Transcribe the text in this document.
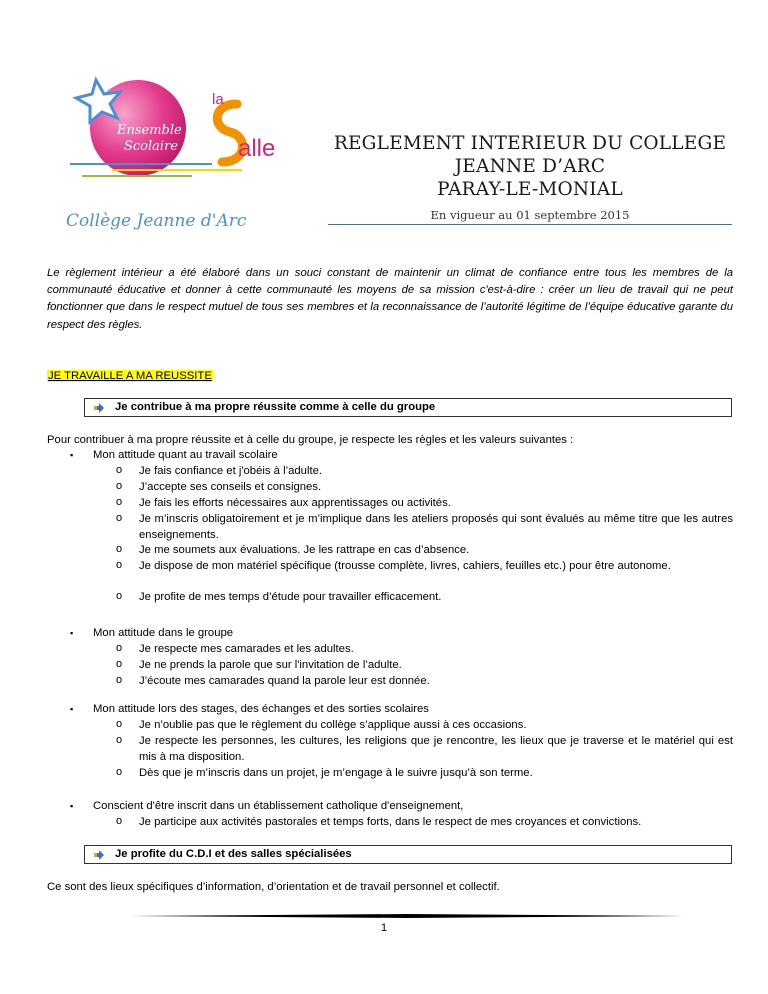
Ensemble
Scolaire
la
alle
Collège Jeanne d'Arc
REGLEMENT INTERIEUR DU COLLEGE
JEANNE D’ARC
PARAY-LE-MONIAL
En vigueur au 01 septembre 2015
Le règlement intérieur a été élaboré dans un souci constant de maintenir un climat de confiance entre tous les membres de la communauté éducative et donner à cette communauté les moyens de sa mission c'est-à-dire : créer un lieu de travail qui ne peut fonctionner que dans le respect mutuel de tous ses membres et la reconnaissance de l’autorité légitime de l’équipe éducative garante du respect des règles.
JE TRAVAILLE A MA REUSSITE
Je contribue à ma propre réussite comme à celle du groupe
Pour contribuer à ma propre réussite et à celle du groupe, je respecte les règles et les valeurs suivantes :
▪ Mon attitude quant au travail scolaire
o Je fais confiance et j'obéis à l’adulte.
o J’accepte ses conseils et consignes.
o Je fais les efforts nécessaires aux apprentissages ou activités.
o Je m’inscris obligatoirement et je m’implique dans les ateliers proposés qui sont évalués au même titre que les autres enseignements.
o Je me soumets aux évaluations. Je les rattrape en cas d’absence.
o Je dispose de mon matériel spécifique (trousse complète, livres, cahiers, feuilles etc.) pour être autonome.
o Je profite de mes temps d’étude pour travailler efficacement.
▪ Mon attitude dans le groupe
o Je respecte mes camarades et les adultes.
o Je ne prends la parole que sur l'invitation de l’adulte.
o J’écoute mes camarades quand la parole leur est donnée.
▪ Mon attitude lors des stages, des échanges et des sorties scolaires
o Je n’oublie pas que le règlement du collège s’applique aussi à ces occasions.
o Je respecte les personnes, les cultures, les religions que je rencontre, les lieux que je traverse et le matériel qui est mis à ma disposition.
o Dès que je m’inscris dans un projet, je m’engage à le suivre jusqu’à son terme.
▪ Conscient d'être inscrit dans un établissement catholique d'enseignement,
o Je participe aux activités pastorales et temps forts, dans le respect de mes croyances et convictions.
Je profite du C.D.I et des salles spécialisées
Ce sont des lieux spécifiques d’information, d’orientation et de travail personnel et collectif.
1
